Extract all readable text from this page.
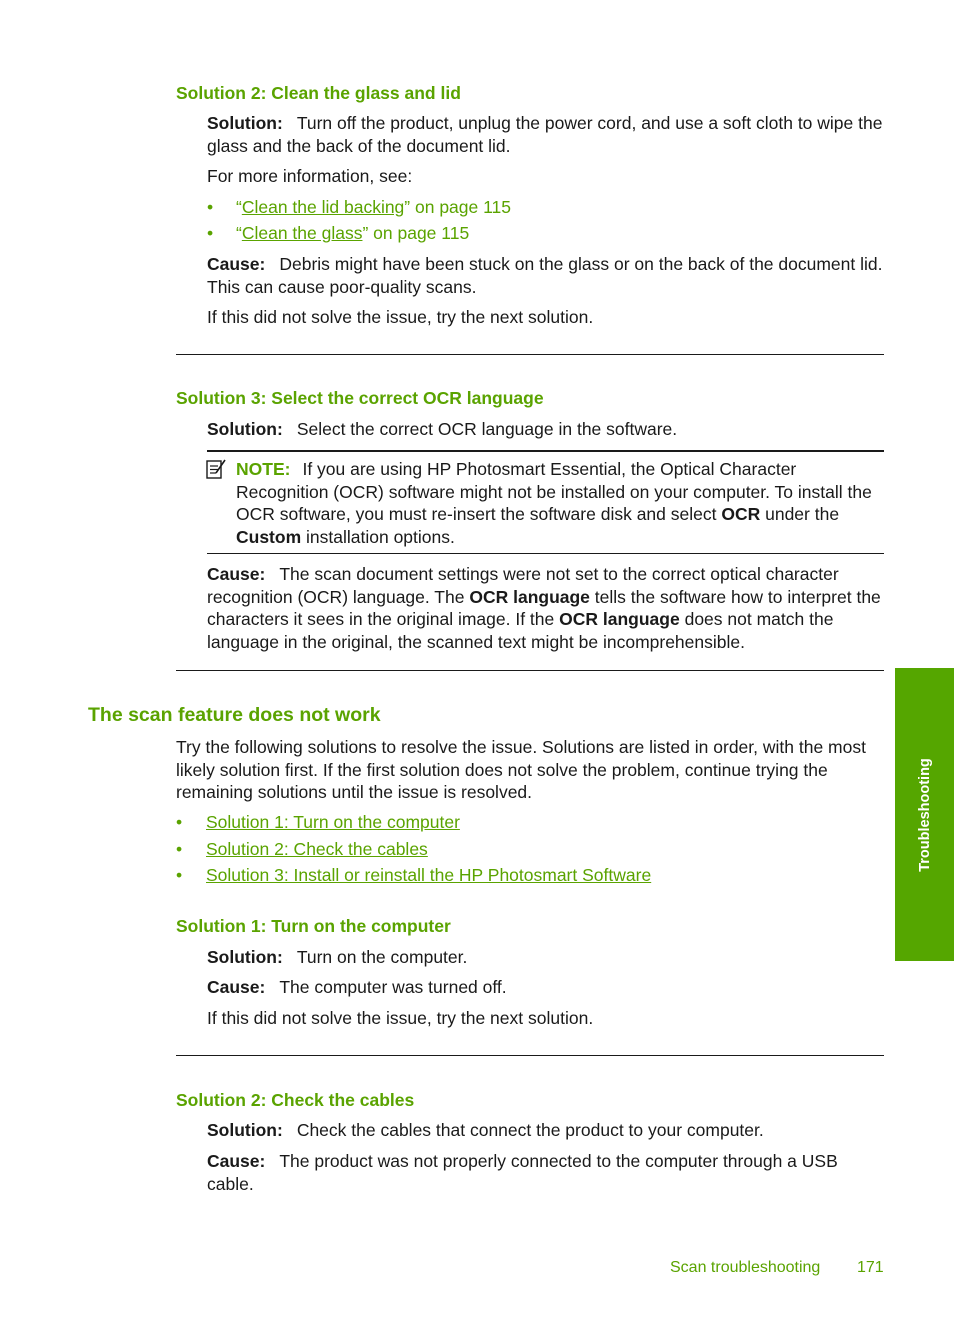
Solution 2: Clean the glass and lid

Solution: Turn off the product, unplug the power cord, and use a soft cloth to wipe the glass and the back of the document lid.

For more information, see:

• “Clean the lid backing” on page 115
• “Clean the glass” on page 115

Cause: Debris might have been stuck on the glass or on the back of the document lid. This can cause poor-quality scans.

If this did not solve the issue, try the next solution.

Solution 3: Select the correct OCR language

Solution: Select the correct OCR language in the software.

NOTE: If you are using HP Photosmart Essential, the Optical Character Recognition (OCR) software might not be installed on your computer. To install the OCR software, you must re-insert the software disk and select OCR under the Custom installation options.

Cause: The scan document settings were not set to the correct optical character recognition (OCR) language. The OCR language tells the software how to interpret the characters it sees in the original image. If the OCR language does not match the language in the original, the scanned text might be incomprehensible.

The scan feature does not work

Try the following solutions to resolve the issue. Solutions are listed in order, with the most likely solution first. If the first solution does not solve the problem, continue trying the remaining solutions until the issue is resolved.

• Solution 1: Turn on the computer
• Solution 2: Check the cables
• Solution 3: Install or reinstall the HP Photosmart Software
Solution 1: Turn on the computer

Solution: Turn on the computer.

Cause: The computer was turned off.

If this did not solve the issue, try the next solution.

Solution 2: Check the cables

Solution: Check the cables that connect the product to your computer.

Cause: The product was not properly connected to the computer through a USB cable.

Troubleshooting
Scan troubleshooting 171
